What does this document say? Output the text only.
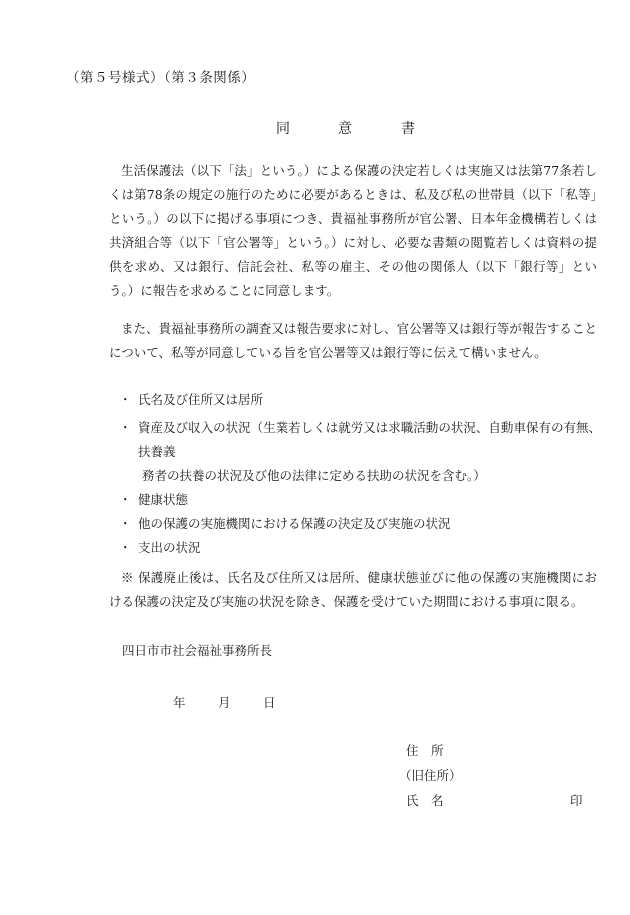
（第５号様式）（第３条関係）

同	意	書

生活保護法（以下「法」という。）による保護の決定若しくは実施又は法第77条若しくは第78条の規定の施行のために必要があるときは、私及び私の世帯員（以下「私等」という。）の以下に掲げる事項につき、貴福祉事務所が官公署、日本年金機構若しくは共済組合等（以下「官公署等」という。）に対し、必要な書類の閲覧若しくは資料の提供を求め、又は銀行、信託会社、私等の雇主、その他の関係人（以下「銀行等」という。）に報告を求めることに同意します。

また、貴福祉事務所の調査又は報告要求に対し、官公署等又は銀行等が報告することについて、私等が同意している旨を官公署等又は銀行等に伝えて構いません。

・ 氏名及び住所又は居所
・ 資産及び収入の状況（生業若しくは就労又は求職活動の状況、自動車保有の有無、扶養義
務者の扶養の状況及び他の法律に定める扶助の状況を含む。）
・ 健康状態
・ 他の保護の実施機関における保護の決定及び実施の状況
・ 支出の状況

※ 保護廃止後は、氏名及び住所又は居所、健康状態並びに他の保護の実施機関における保護の決定及び実施の状況を除き、保護を受けていた期間における事項に限る。

四日市市社会福祉事務所長

年	月	日

住　所

（旧住所）

氏　名	印
